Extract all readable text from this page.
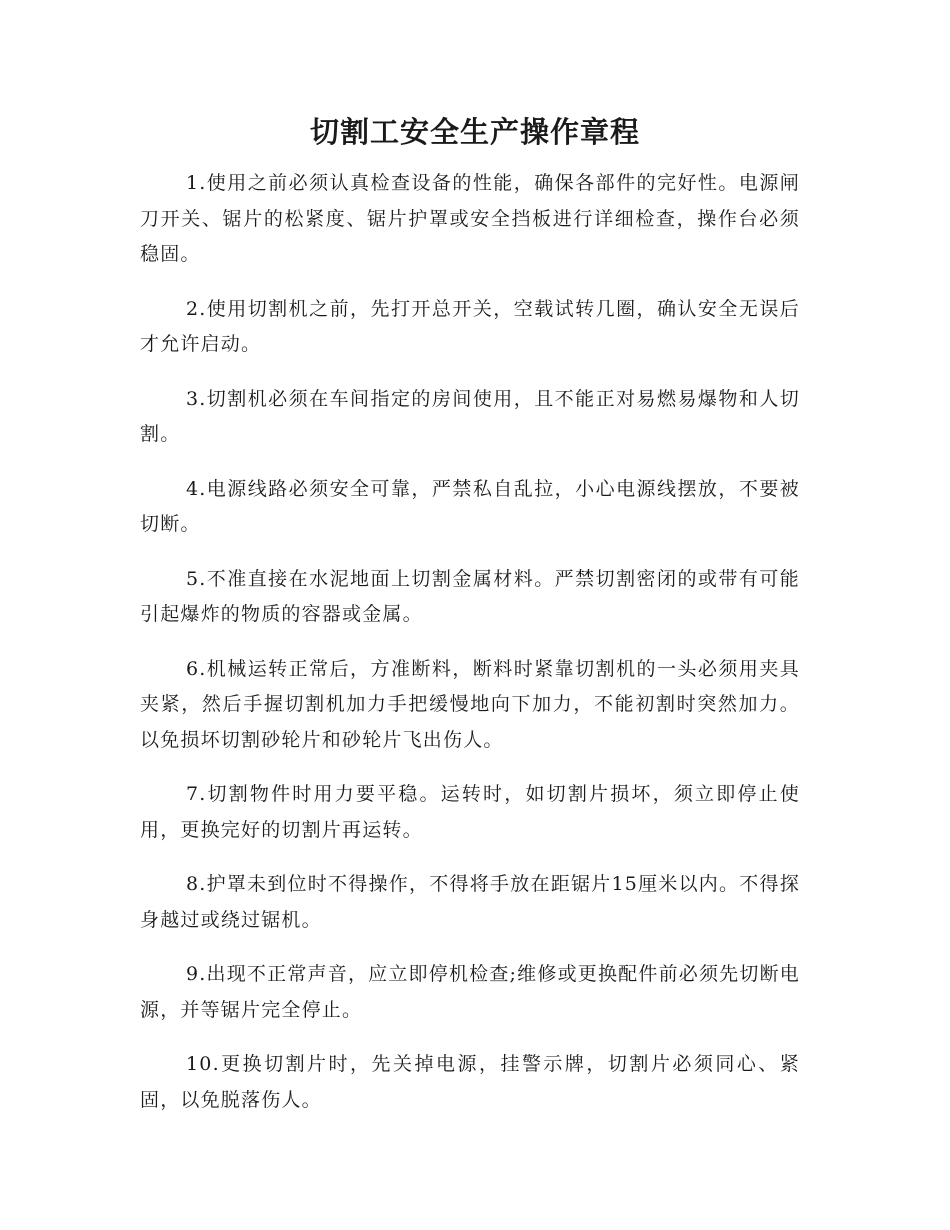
切割工安全生产操作章程
1.使用之前必须认真检查设备的性能，确保各部件的完好性。电源闸刀开关、锯片的松紧度、锯片护罩或安全挡板进行详细检查，操作台必须稳固。
2.使用切割机之前，先打开总开关，空载试转几圈，确认安全无误后才允许启动。
3.切割机必须在车间指定的房间使用，且不能正对易燃易爆物和人切割。
4.电源线路必须安全可靠，严禁私自乱拉，小心电源线摆放，不要被切断。
5.不准直接在水泥地面上切割金属材料。严禁切割密闭的或带有可能引起爆炸的物质的容器或金属。
6.机械运转正常后，方准断料，断料时紧靠切割机的一头必须用夹具夹紧，然后手握切割机加力手把缓慢地向下加力，不能初割时突然加力。以免损坏切割砂轮片和砂轮片飞出伤人。
7.切割物件时用力要平稳。运转时，如切割片损坏，须立即停止使用，更换完好的切割片再运转。
8.护罩未到位时不得操作，不得将手放在距锯片15厘米以内。不得探身越过或绕过锯机。
9.出现不正常声音，应立即停机检查;维修或更换配件前必须先切断电源，并等锯片完全停止。
10.更换切割片时，先关掉电源，挂警示牌，切割片必须同心、紧固，以免脱落伤人。
